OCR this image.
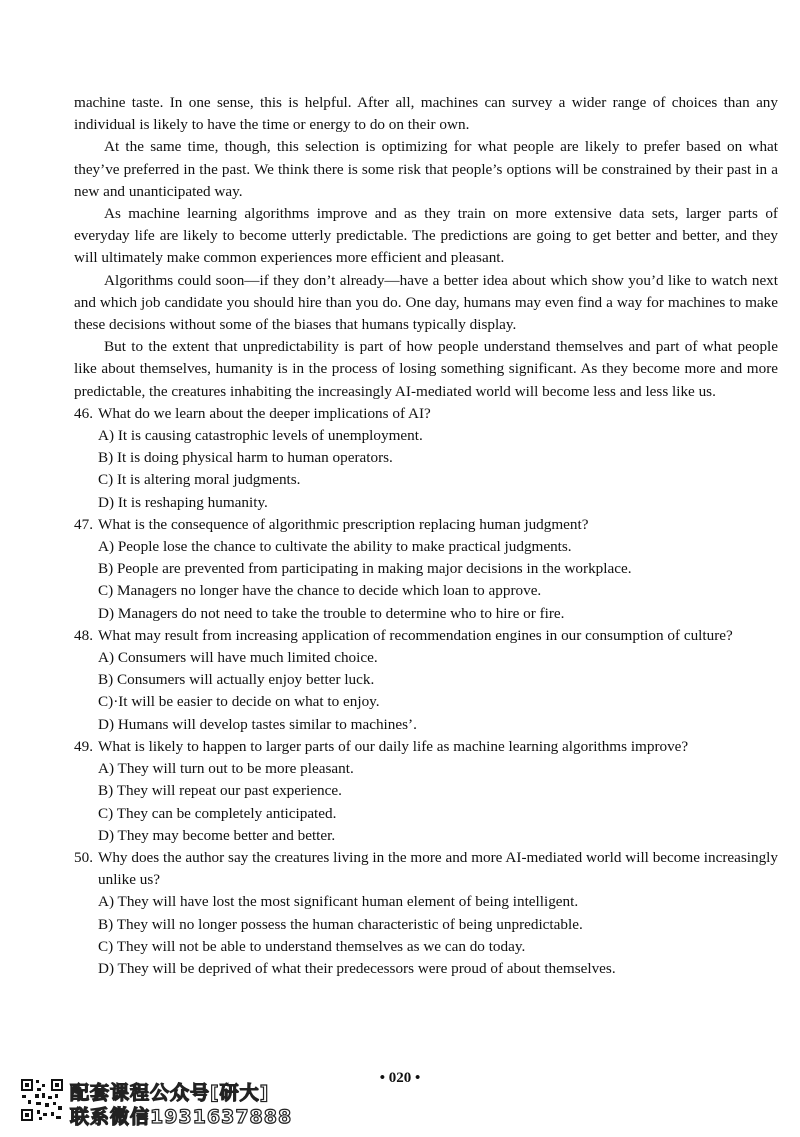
machine taste. In one sense, this is helpful. After all, machines can survey a wider range of choices than any individual is likely to have the time or energy to do on their own.

At the same time, though, this selection is optimizing for what people are likely to prefer based on what they’ve preferred in the past. We think there is some risk that people’s options will be constrained by their past in a new and unanticipated way.

As machine learning algorithms improve and as they train on more extensive data sets, larger parts of everyday life are likely to become utterly predictable. The predictions are going to get better and better, and they will ultimately make common experiences more efficient and pleasant.

Algorithms could soon—if they don’t already—have a better idea about which show you’d like to watch next and which job candidate you should hire than you do. One day, humans may even find a way for machines to make these decisions without some of the biases that humans typically display.

But to the extent that unpredictability is part of how people understand themselves and part of what people like about themselves, humanity is in the process of losing something significant. As they become more and more predictable, the creatures inhabiting the increasingly AI-mediated world will become less and less like us.

46. What do we learn about the deeper implications of AI?
A) It is causing catastrophic levels of unemployment.
B) It is doing physical harm to human operators.
C) It is altering moral judgments.
D) It is reshaping humanity.
47. What is the consequence of algorithmic prescription replacing human judgment?
A) People lose the chance to cultivate the ability to make practical judgments.
B) People are prevented from participating in making major decisions in the workplace.
C) Managers no longer have the chance to decide which loan to approve.
D) Managers do not need to take the trouble to determine who to hire or fire.
48. What may result from increasing application of recommendation engines in our consumption of culture?
A) Consumers will have much limited choice.
B) Consumers will actually enjoy better luck.
C)·It will be easier to decide on what to enjoy.
D) Humans will develop tastes similar to machines’.
49. What is likely to happen to larger parts of our daily life as machine learning algorithms improve?
A) They will turn out to be more pleasant.
B) They will repeat our past experience.
C) They can be completely anticipated.
D) They may become better and better.
50. Why does the author say the creatures living in the more and more AI-mediated world will become increasingly unlike us?
A) They will have lost the most significant human element of being intelligent.
B) They will no longer possess the human characteristic of being unpredictable.
C) They will not be able to understand themselves as we can do today.
D) They will be deprived of what their predecessors were proud of about themselves.
• 020 •
配套课程公众号[研大]
联系微信1931637888
